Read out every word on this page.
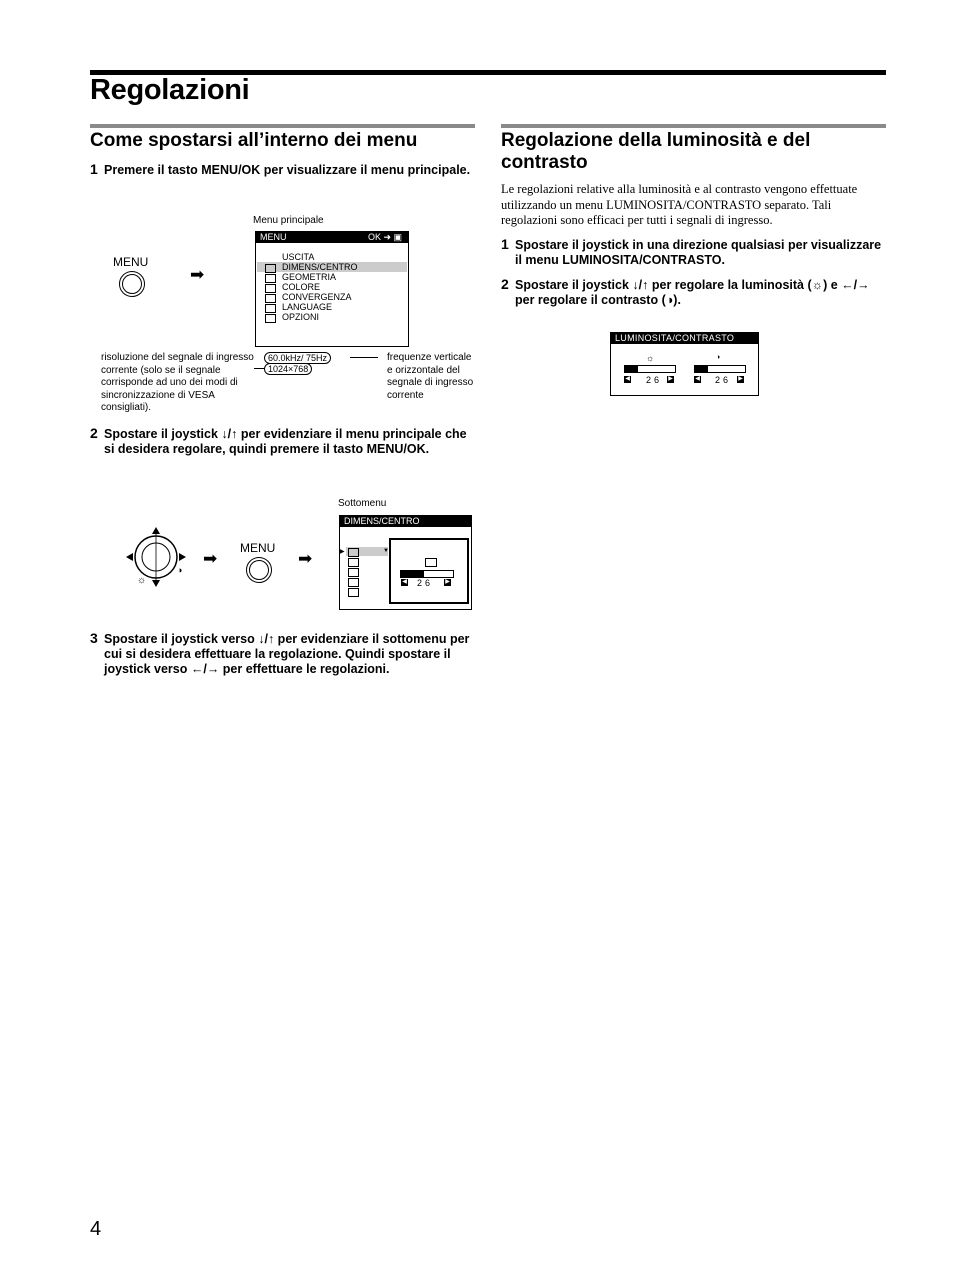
Regolazioni
Come spostarsi all’interno dei menu
1 Premere il tasto MENU/OK per visualizzare il menu principale.
Menu principale
MENU
➡
MENU	OK ➜ ▣
USCITA
DIMENS/CENTRO
GEOMETRIA
COLORE
CONVERGENZA
LANGUAGE
OPZIONI
60.0kHz/ 75Hz
1024×768
risoluzione del segnale di ingresso corrente (solo se il segnale corrisponde ad uno dei modi di sincronizzazione di VESA consigliati).
frequenze verticale e orizzontale del segnale di ingresso corrente
2 Spostare il joystick ↓/↑ per evidenziare il menu principale che si desidera regolare, quindi premere il tasto MENU/OK.
Sottomenu
☼
◑
➡
MENU
➡
DIMENS/CENTRO
▶	▼
◀ 26 ▶
3 Spostare il joystick verso ↓/↑ per evidenziare il sottomenu per cui si desidera effettuare la regolazione. Quindi spostare il joystick verso ←/→ per effettuare le regolazioni.
Regolazione della luminosità e del contrasto
Le regolazioni relative alla luminosità e al contrasto vengono effettuate utilizzando un menu LUMINOSITA/CONTRASTO separato. Tali regolazioni sono efficaci per tutti i segnali di ingresso.
1 Spostare il joystick in una direzione qualsiasi per visualizzare il menu LUMINOSITA/CONTRASTO.
2 Spostare il joystick ↓/↑ per regolare la luminosità (☼) e ←/→ per regolare il contrasto (◑).
LUMINOSITA/CONTRASTO
☼	◑
◀ 26 ▶	◀ 26 ▶
4
